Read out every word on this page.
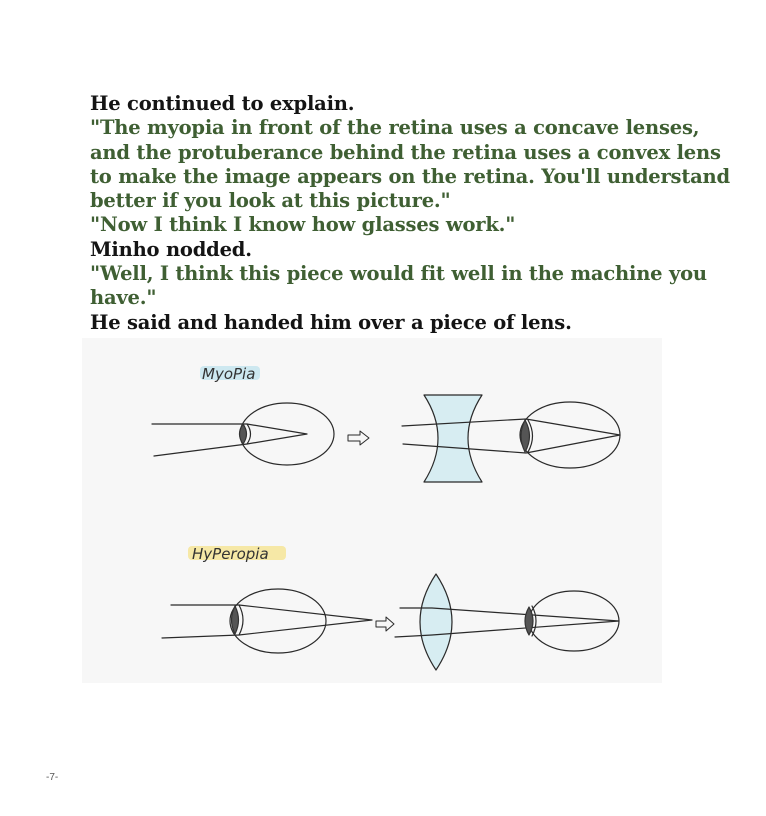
He continued to explain.
"The myopia in front of the retina uses a concave lenses,
and the protuberance behind the retina uses a convex lens
to make the image appears on the retina. You'll understand
better if you look at this picture."
"Now I think I know how glasses work."
Minho nodded.
"Well, I think this piece would fit well in the machine you
have."
He said and handed him over a piece of lens.
MyoPia
HyPeropia
-7-
